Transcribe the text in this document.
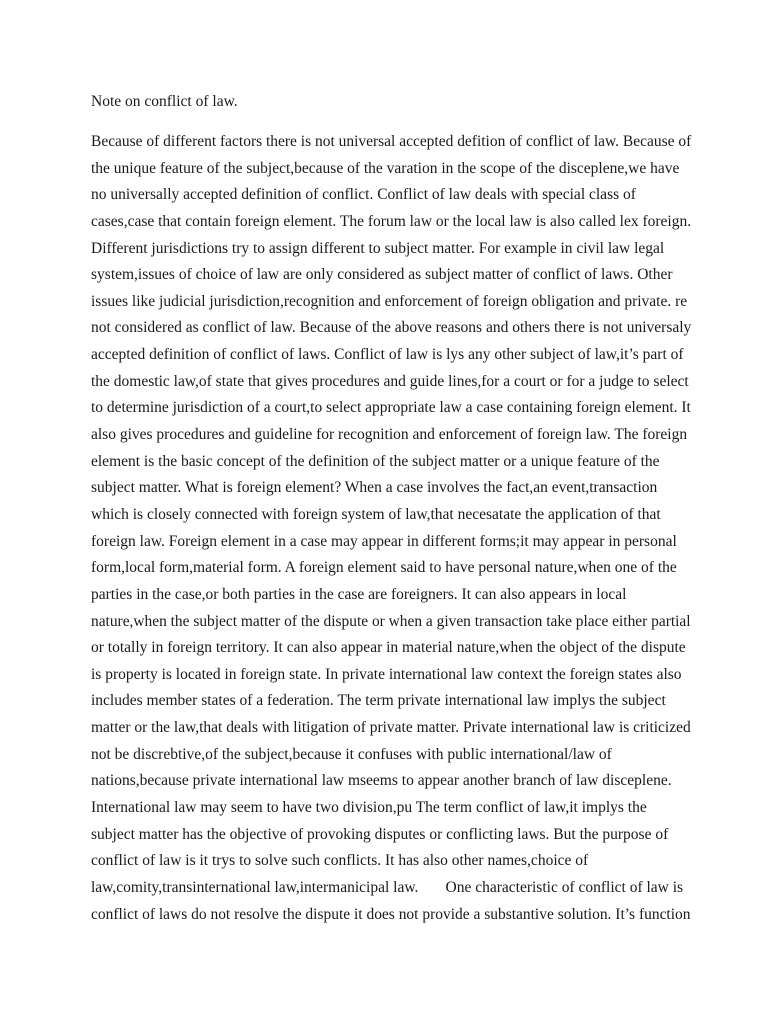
Note on conflict of law.
Because of different factors there is not universal accepted defition of conflict of law. Because of
the unique feature of the subject,because of the varation in the scope of the disceplene,we have
no universally accepted definition of conflict. Conflict of law deals with special class of
cases,case that contain foreign element. The forum law or the local law is also called lex foreign.
Different jurisdictions try to assign different to subject matter. For example in civil law legal
system,issues of choice of law are only considered as subject matter of conflict of laws. Other
issues like judicial jurisdiction,recognition and enforcement of foreign obligation and private. re
not considered as conflict of law. Because of the above reasons and others there is not universaly
accepted definition of conflict of laws. Conflict of law is lys any other subject of law,it’s part of
the domestic law,of state that gives procedures and guide lines,for a court or for a judge to select
to determine jurisdiction of a court,to select appropriate law a case containing foreign element. It
also gives procedures and guideline for recognition and enforcement of foreign law. The foreign
element is the basic concept of the definition of the subject matter or a unique feature of the
subject matter. What is foreign element? When a case involves the fact,an event,transaction
which is closely connected with foreign system of law,that necesatate the application of that
foreign law. Foreign element in a case may appear in different forms;it may appear in personal
form,local form,material form. A foreign element said to have personal nature,when one of the
parties in the case,or both parties in the case are foreigners. It can also appears in local
nature,when the subject matter of the dispute or when a given transaction take place either partial
or totally in foreign territory. It can also appear in material nature,when the object of the dispute
is property is located in foreign state. In private international law context the foreign states also
includes member states of a federation. The term private international law implys the subject
matter or the law,that deals with litigation of private matter. Private international law is criticized
not be discrebtive,of the subject,because it confuses with public international/law of
nations,because private international law mseems to appear another branch of law disceplene.
International law may seem to have two division,pu The term conflict of law,it implys the
subject matter has the objective of provoking disputes or conflicting laws. But the purpose of
conflict of law is it trys to solve such conflicts. It has also other names,choice of
law,comity,transinternational law,intermanicipal law.       One characteristic of conflict of law is
conflict of laws do not resolve the dispute it does not provide a substantive solution. It’s function
